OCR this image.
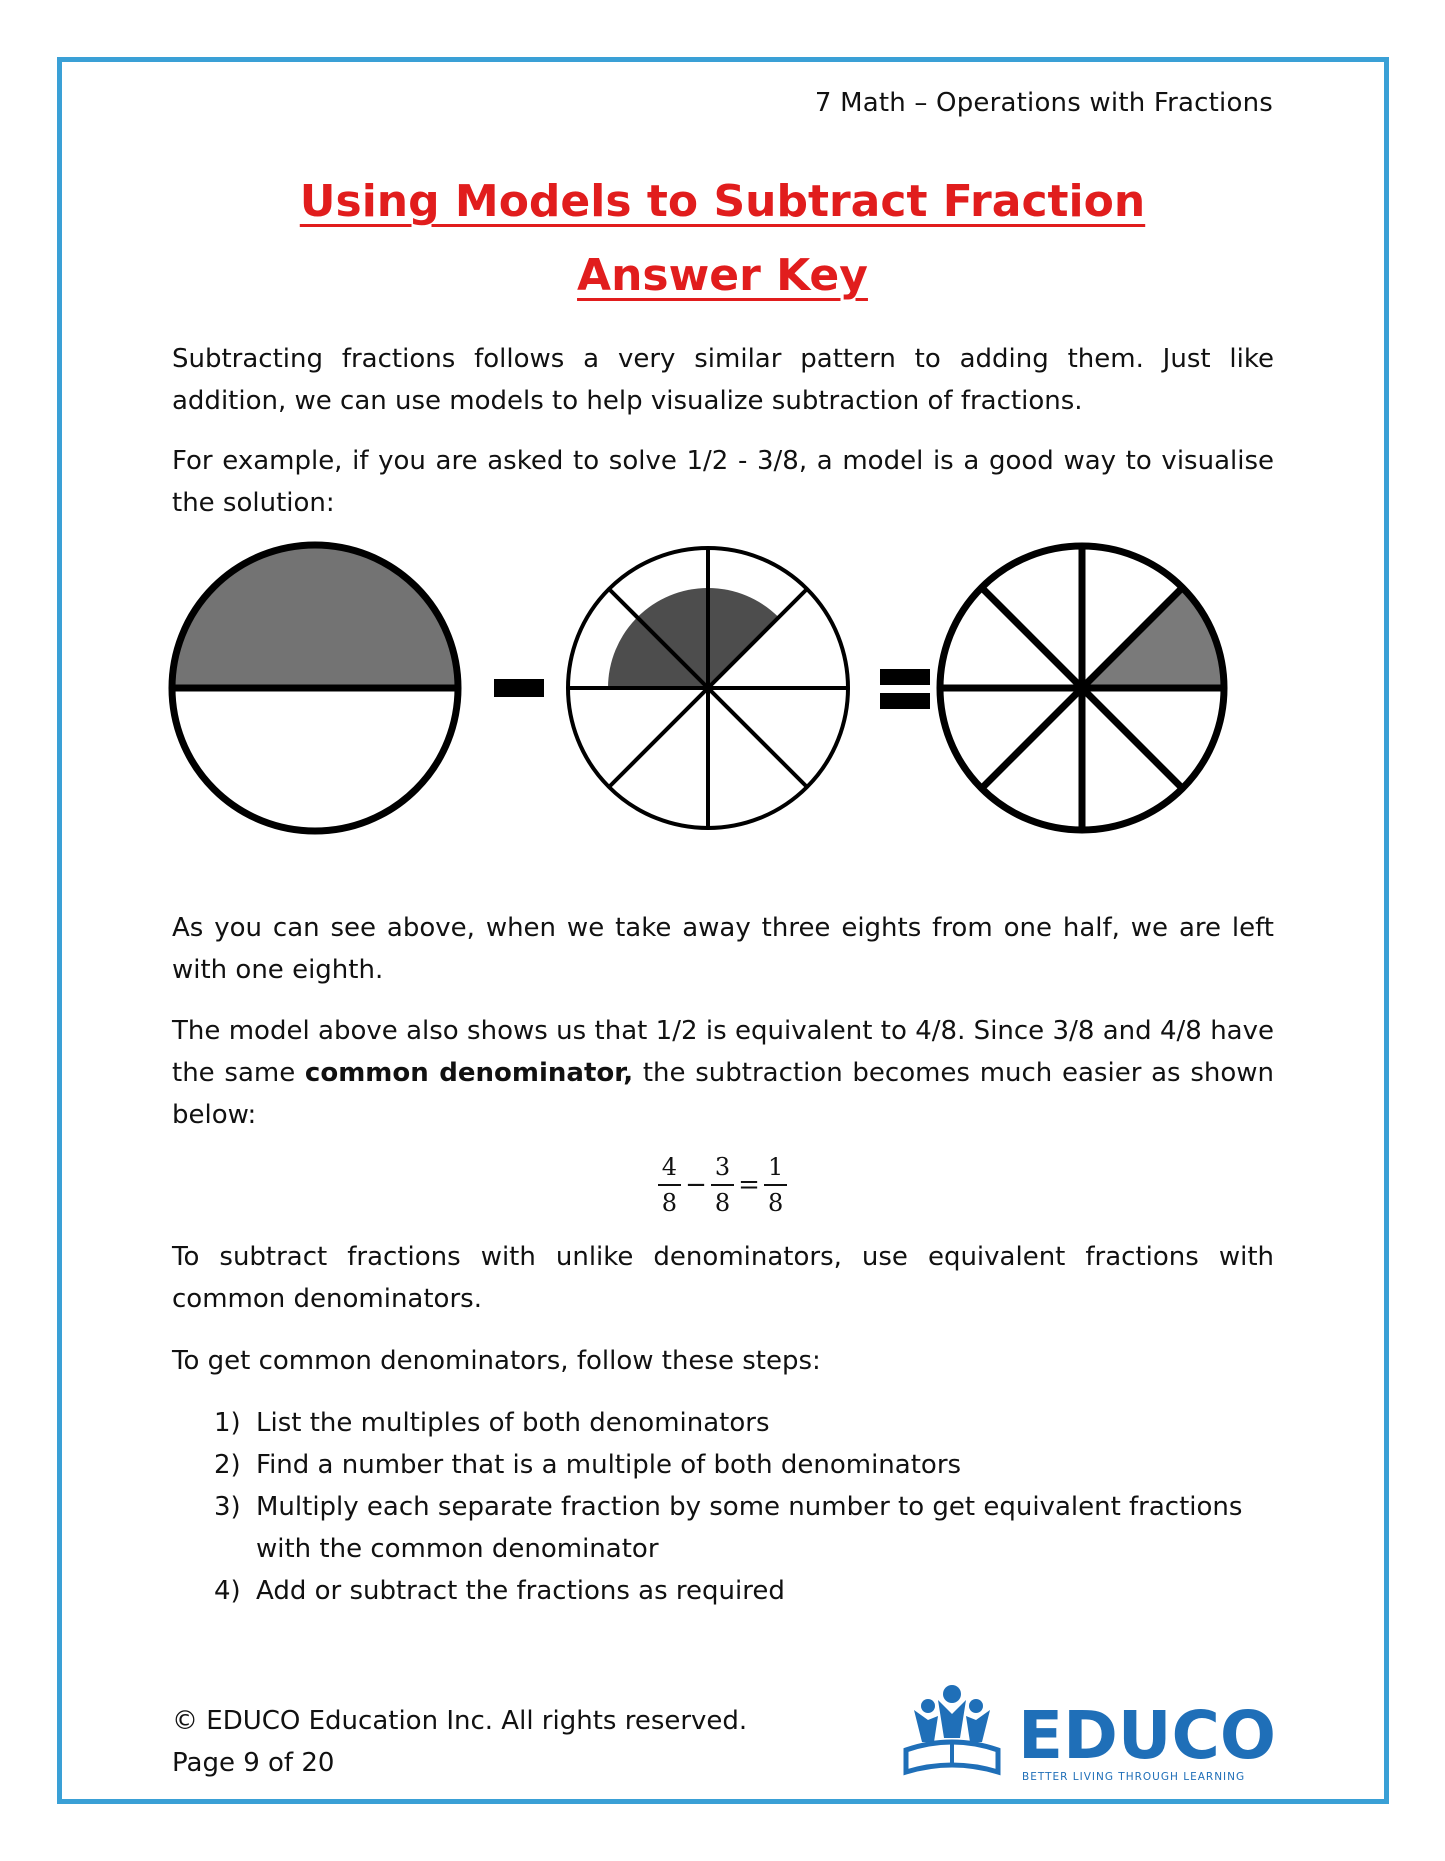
7 Math – Operations with Fractions
Using Models to Subtract Fraction
Answer Key

Subtracting fractions follows a very similar pattern to adding them. Just like addition, we can use models to help visualize subtraction of fractions.

For example, if you are asked to solve 1/2 - 3/8, a model is a good way to visualise the solution:

As you can see above, when we take away three eights from one half, we are left with one eighth.

The model above also shows us that 1/2 is equivalent to 4/8. Since 3/8 and 4/8 have the same common denominator, the subtraction becomes much easier as shown below:

$\frac{4}{8} - \frac{3}{8} = \frac{1}{8}$

To subtract fractions with unlike denominators, use equivalent fractions with common denominators.

To get common denominators, follow these steps:

1) List the multiples of both denominators
2) Find a number that is a multiple of both denominators
3) Multiply each separate fraction by some number to get equivalent fractions with the common denominator
4) Add or subtract the fractions as required
© EDUCO Education Inc. All rights reserved.
Page 9 of 20	EDUCO
BETTER LIVING THROUGH LEARNING
